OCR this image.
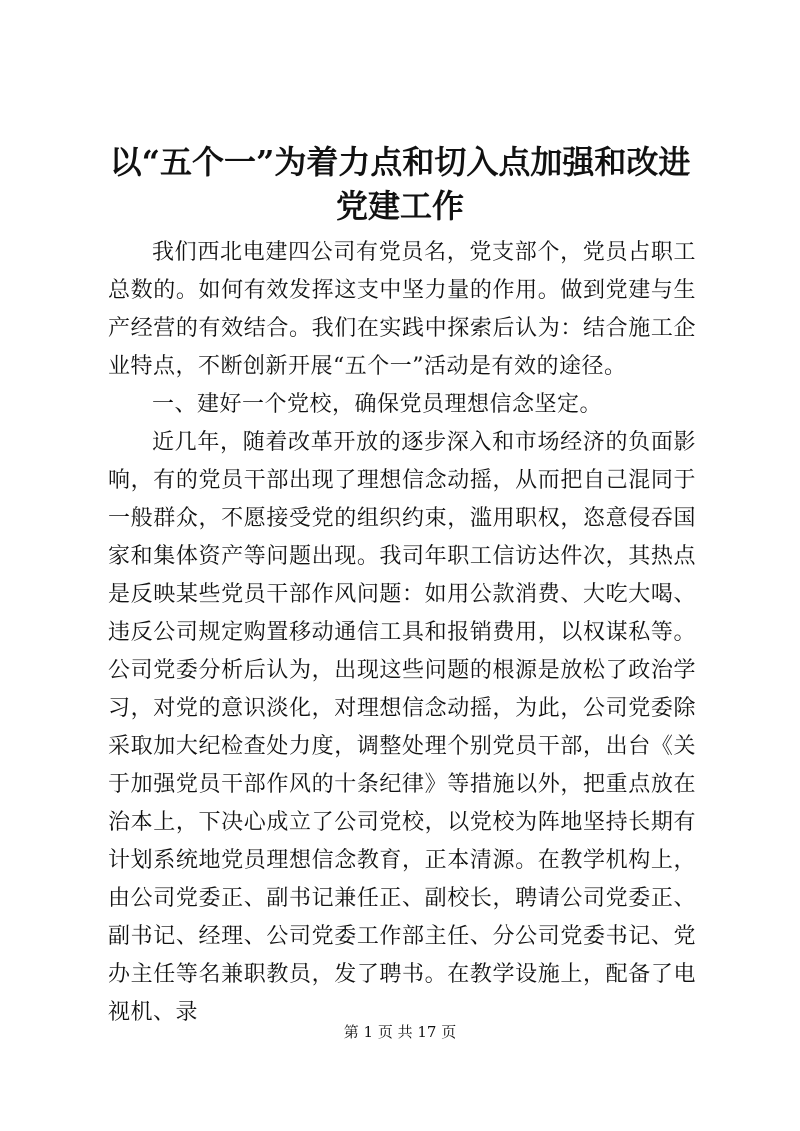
以“五个一”为着力点和切入点加强和改进党建工作

我们西北电建四公司有党员名，党支部个，党员占职工总数的。如何有效发挥这支中坚力量的作用。做到党建与生产经营的有效结合。我们在实践中探索后认为：结合施工企业特点，不断创新开展“五个一”活动是有效的途径。

一、建好一个党校，确保党员理想信念坚定。

近几年，随着改革开放的逐步深入和市场经济的负面影响，有的党员干部出现了理想信念动摇，从而把自己混同于一般群众，不愿接受党的组织约束，滥用职权，恣意侵吞国家和集体资产等问题出现。我司年职工信访达件次，其热点是反映某些党员干部作风问题：如用公款消费、大吃大喝、违反公司规定购置移动通信工具和报销费用，以权谋私等。公司党委分析后认为，出现这些问题的根源是放松了政治学习，对党的意识淡化，对理想信念动摇，为此，公司党委除采取加大纪检查处力度，调整处理个别党员干部，出台《关于加强党员干部作风的十条纪律》等措施以外，把重点放在治本上，下决心成立了公司党校，以党校为阵地坚持长期有计划系统地党员理想信念教育，正本清源。在教学机构上，由公司党委正、副书记兼任正、副校长，聘请公司党委正、副书记、经理、公司党委工作部主任、分公司党委书记、党办主任等名兼职教员，发了聘书。在教学设施上，配备了电视机、录

第 1 页 共 17 页
